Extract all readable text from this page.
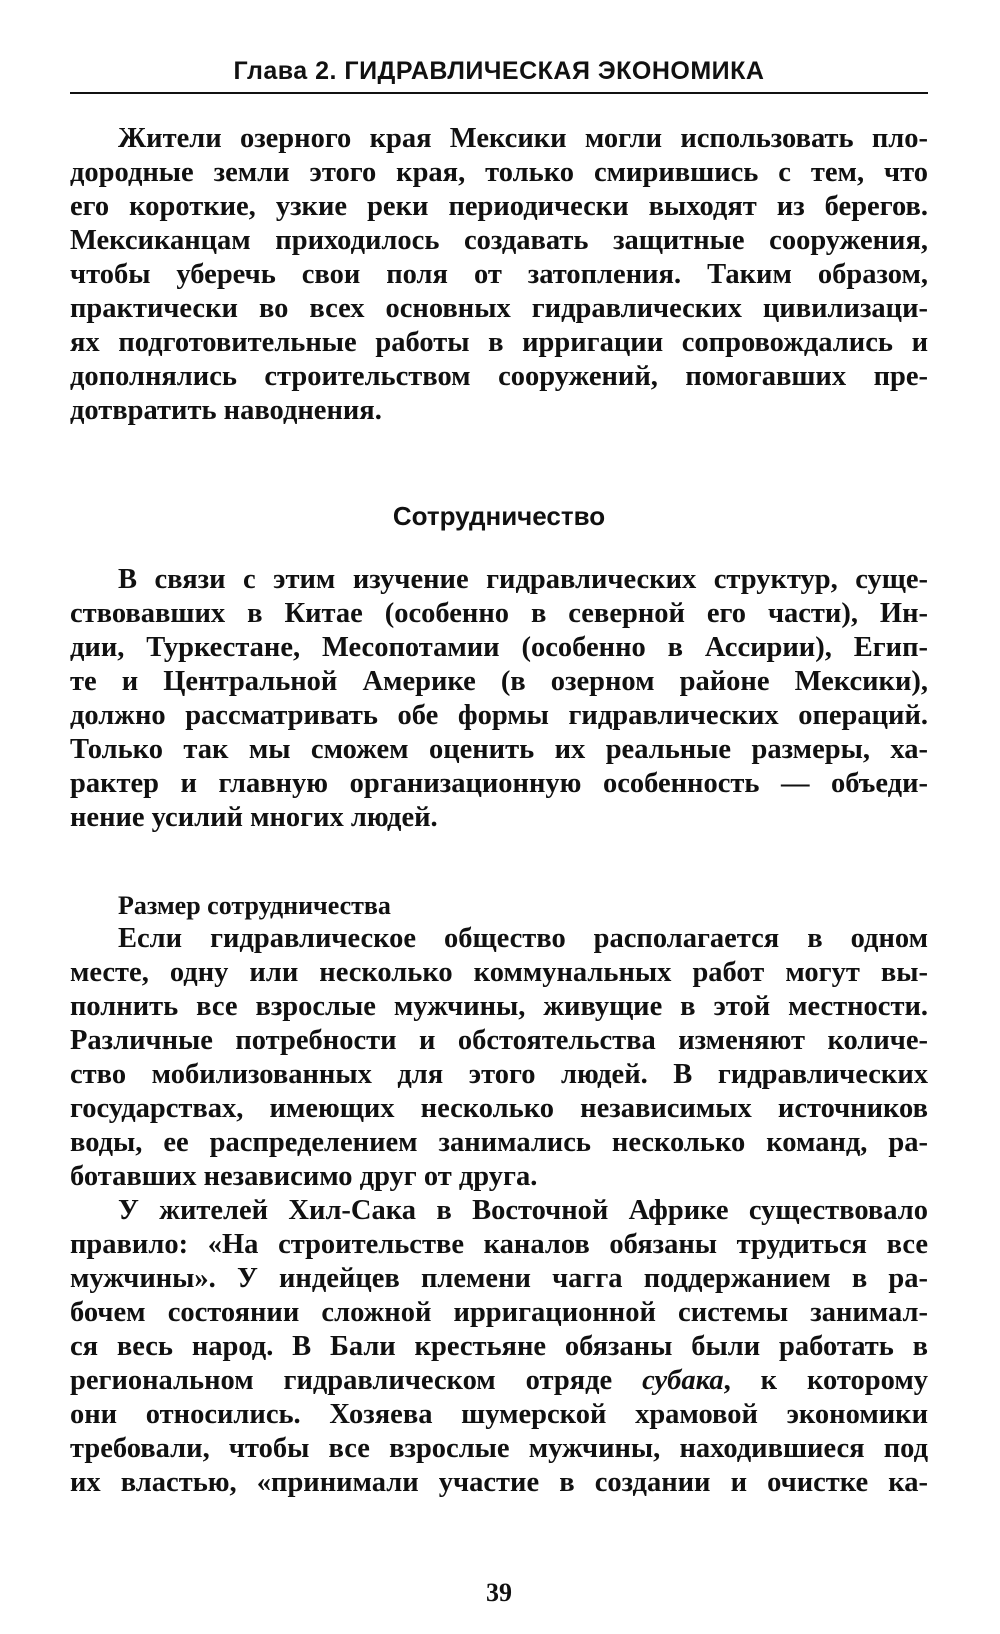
Глава 2. ГИДРАВЛИЧЕСКАЯ ЭКОНОМИКА
Жители озерного края Мексики могли использовать пло-
дородные земли этого края, только смирившись с тем, что
его короткие, узкие реки периодически выходят из берегов.
Мексиканцам приходилось создавать защитные сооружения,
чтобы уберечь свои поля от затопления. Таким образом,
практически во всех основных гидравлических цивилизаци-
ях подготовительные работы в ирригации сопровождались и
дополнялись строительством сооружений, помогавших пре-
дотвратить наводнения.
Сотрудничество
В связи с этим изучение гидравлических структур, суще-
ствовавших в Китае (особенно в северной его части), Ин-
дии, Туркестане, Месопотамии (особенно в Ассирии), Егип-
те и Центральной Америке (в озерном районе Мексики),
должно рассматривать обе формы гидравлических операций.
Только так мы сможем оценить их реальные размеры, ха-
рактер и главную организационную особенность — объеди-
нение усилий многих людей.
Размер сотрудничества
Если гидравлическое общество располагается в одном
месте, одну или несколько коммунальных работ могут вы-
полнить все взрослые мужчины, живущие в этой местности.
Различные потребности и обстоятельства изменяют количе-
ство мобилизованных для этого людей. В гидравлических
государствах, имеющих несколько независимых источников
воды, ее распределением занимались несколько команд, ра-
ботавших независимо друг от друга.
У жителей Хил-Сака в Восточной Африке существовало
правило: «На строительстве каналов обязаны трудиться все
мужчины». У индейцев племени чагга поддержанием в ра-
бочем состоянии сложной ирригационной системы занимал-
ся весь народ. В Бали крестьяне обязаны были работать в
региональном гидравлическом отряде субака, к которому
они относились. Хозяева шумерской храмовой экономики
требовали, чтобы все взрослые мужчины, находившиеся под
их властью, «принимали участие в создании и очистке ка-
39
